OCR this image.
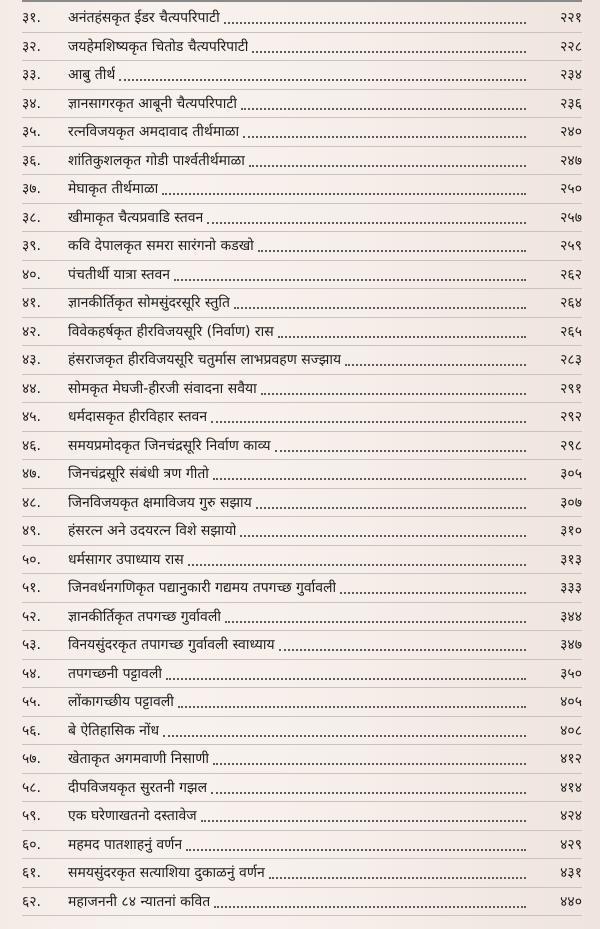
३१.	अनंतहंसकृत ईडर चैत्यपरिपाटी	२२१
३२.	जयहेमशिष्यकृत चितोड चैत्यपरिपाटी	२२८
३३.	आबु तीर्थ	२३४
३४.	ज्ञानसागरकृत आबूनी चैत्यपरिपाटी	२३६
३५.	रत्नविजयकृत अमदावाद तीर्थमाळा	२४०
३६.	शांतिकुशलकृत गोडी पार्श्वतीर्थमाळा	२४७
३७.	मेघाकृत तीर्थमाळा	२५०
३८.	खीमाकृत चैत्यप्रवाडि स्तवन	२५७
३९.	कवि देपालकृत समरा सारंगनो कडखो	२५९
४०.	पंचतीर्थी यात्रा स्तवन	२६२
४१.	ज्ञानकीर्तिकृत सोमसुंदरसूरि स्तुति	२६४
४२.	विवेकहर्षकृत हीरविजयसूरि (निर्वाण) रास	२६५
४३.	हंसराजकृत हीरविजयसूरि चतुर्मास लाभप्रवहण सज्झाय	२८३
४४.	सोमकृत मेघजी-हीरजी संवादना सवैया	२९१
४५.	धर्मदासकृत हीरविहार स्तवन	२९२
४६.	समयप्रमोदकृत जिनचंद्रसूरि निर्वाण काव्य	२९८
४७.	जिनचंद्रसूरि संबंधी त्रण गीतो	३०५
४८.	जिनविजयकृत क्षमाविजय गुरु सझाय	३०७
४९.	हंसरत्न अने उदयरत्न विशे सझायो	३१०
५०.	धर्मसागर उपाध्याय रास	३१३
५१.	जिनवर्धनगणिकृत पद्यानुकारी गद्यमय तपगच्छ गुर्वावली	३३३
५२.	ज्ञानकीर्तिकृत तपगच्छ गुर्वावली	३४४
५३.	विनयसुंदरकृत तपागच्छ गुर्वावली स्वाध्याय	३४७
५४.	तपगच्छनी पट्टावली	३५०
५५.	लोंकागच्छीय पट्टावली	४०५
५६.	बे ऐतिहासिक नोंध	४०८
५७.	खेताकृत अगमवाणी निसाणी	४१२
५८.	दीपविजयकृत सुरतनी गझल	४१४
५९.	एक घरेणाखतनो दस्तावेज	४२४
६०.	महमद पातशाहनुं वर्णन	४२९
६१.	समयसुंदरकृत सत्याशिया दुकाळनुं वर्णन	४३१
६२.	महाजननी ८४ न्यातनां कवित	४४०
